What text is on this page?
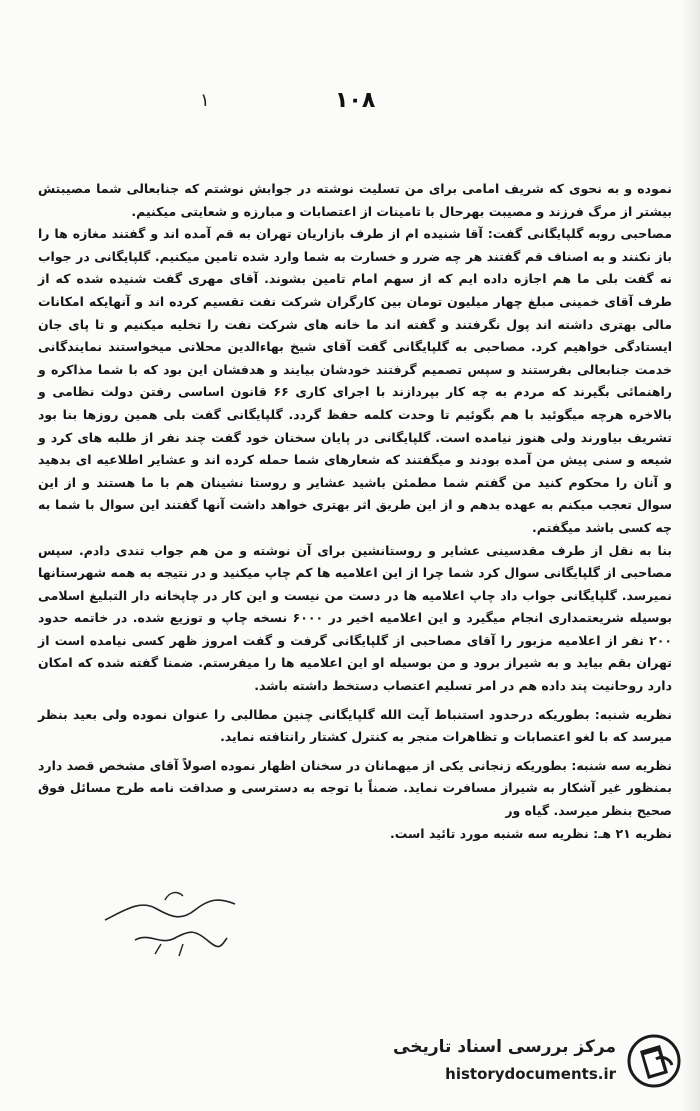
۱	۱۰۸

نموده و به نحوی که شریف امامی برای من تسلیت نوشته در جوابش نوشتم که جنابعالی شما مصیبتش بیشتر از مرگ فرزند و مصیبت بهرحال با تامینات از اعتصابات و مبارزه و شعایتی میکنیم.

مصاحبی روبه گلپایگانی گفت: آقا شنیده ام از طرف بازاریان تهران به قم آمده اند و گفتند مغازه ها را باز نکنند و به اصناف قم گفتند هر چه ضرر و خسارت به شما وارد شده تامین میکنیم. گلپایگانی در جواب نه گفت بلی ما هم اجازه داده ایم که از سهم امام تامین بشوند. آقای مهری گفت شنیده شده که از طرف آقای خمینی مبلغ چهار میلیون تومان بین کارگران شرکت نفت تقسیم کرده اند و آنهایکه امکانات مالی بهتری داشته اند پول نگرفتند و گفته اند ما خانه های شرکت نفت را تخلیه میکنیم و تا پای جان ایستادگی خواهیم کرد. مصاحبی به گلپایگانی گفت آقای شیخ بهاءالدین محلاتی میخواستند نمایندگانی خدمت جنابعالی بفرستند و سپس تصمیم گرفتند خودشان بیایند و هدفشان این بود که با شما مذاکره و راهنمائی بگیرند که مردم به چه کار بپردازند با اجرای کاری ۶۶ قانون اساسی رفتن دولت نظامی و بالاخره هرچه میگوئید با هم بگوئیم تا وحدت کلمه حفظ گردد. گلپایگانی گفت بلی همین روزها بنا بود تشریف بیاورند ولی هنوز نیامده است. گلپایگانی در پایان سخنان خود گفت چند نفر از طلبه های کرد و شیعه و سنی پیش من آمده بودند و میگفتند که شعارهای شما حمله کرده اند و عشایر اطلاعیه ای بدهید و آنان را محکوم کنید من گفتم شما مطمئن باشید عشایر و روستا نشینان هم با ما هستند و از این سوال تعجب میکنم به عهده بدهم و از این طریق اثر بهتری خواهد داشت آنها گفتند این سوال با شما به چه کسی باشد میگفتم.

بنا به نقل از طرف مقدسینی عشایر و روستانشین برای آن نوشته و من هم جواب تندی دادم. سپس مصاحبی از گلپایگانی سوال کرد شما چرا از این اعلامیه ها کم چاپ میکنید و در نتیجه به همه شهرستانها نمیرسد. گلپایگانی جواب داد چاپ اعلامیه ها در دست من نیست و این کار در چاپخانه دار التبلیغ اسلامی بوسیله شریعتمداری انجام میگیرد و این اعلامیه اخیر در ۶۰۰۰ نسخه چاپ و توزیع شده. در خاتمه حدود ۲۰۰ نفر از اعلامیه مزبور را آقای مصاحبی از گلپایگانی گرفت و گفت امروز ظهر کسی نیامده است از تهران بقم بیاید و به شیراز برود و من بوسیله او این اعلامیه ها را میفرستم. ضمنا گفته شده که امکان دارد روحانیت پند داده هم در امر تسلیم اعتصاب دستخط داشته باشد.

نظریه شنبه: بطوریکه درحدود استنباط آیت الله گلپایگانی چنین مطالبی را عنوان نموده ولی بعید بنظر میرسد که با لغو اعتصابات و تظاهرات منجر به کنترل کشتار رانتافته نماید.

نظریه سه شنبه: بطوریکه زنجانی یکی از میهمانان در سخنان اظهار نموده اصولاً آقای مشخص قصد دارد بمنظور غیر آشکار به شیراز مسافرت نماید. ضمناً با توجه به دسترسی و صداقت نامه طرح مسائل فوق صحیح بنظر میرسد. گیاه ور

نظریه ۲۱ هـ: نظریه سه شنبه مورد تائید است.

مرکز بررسی اسناد تاریخی
historydocuments.ir
